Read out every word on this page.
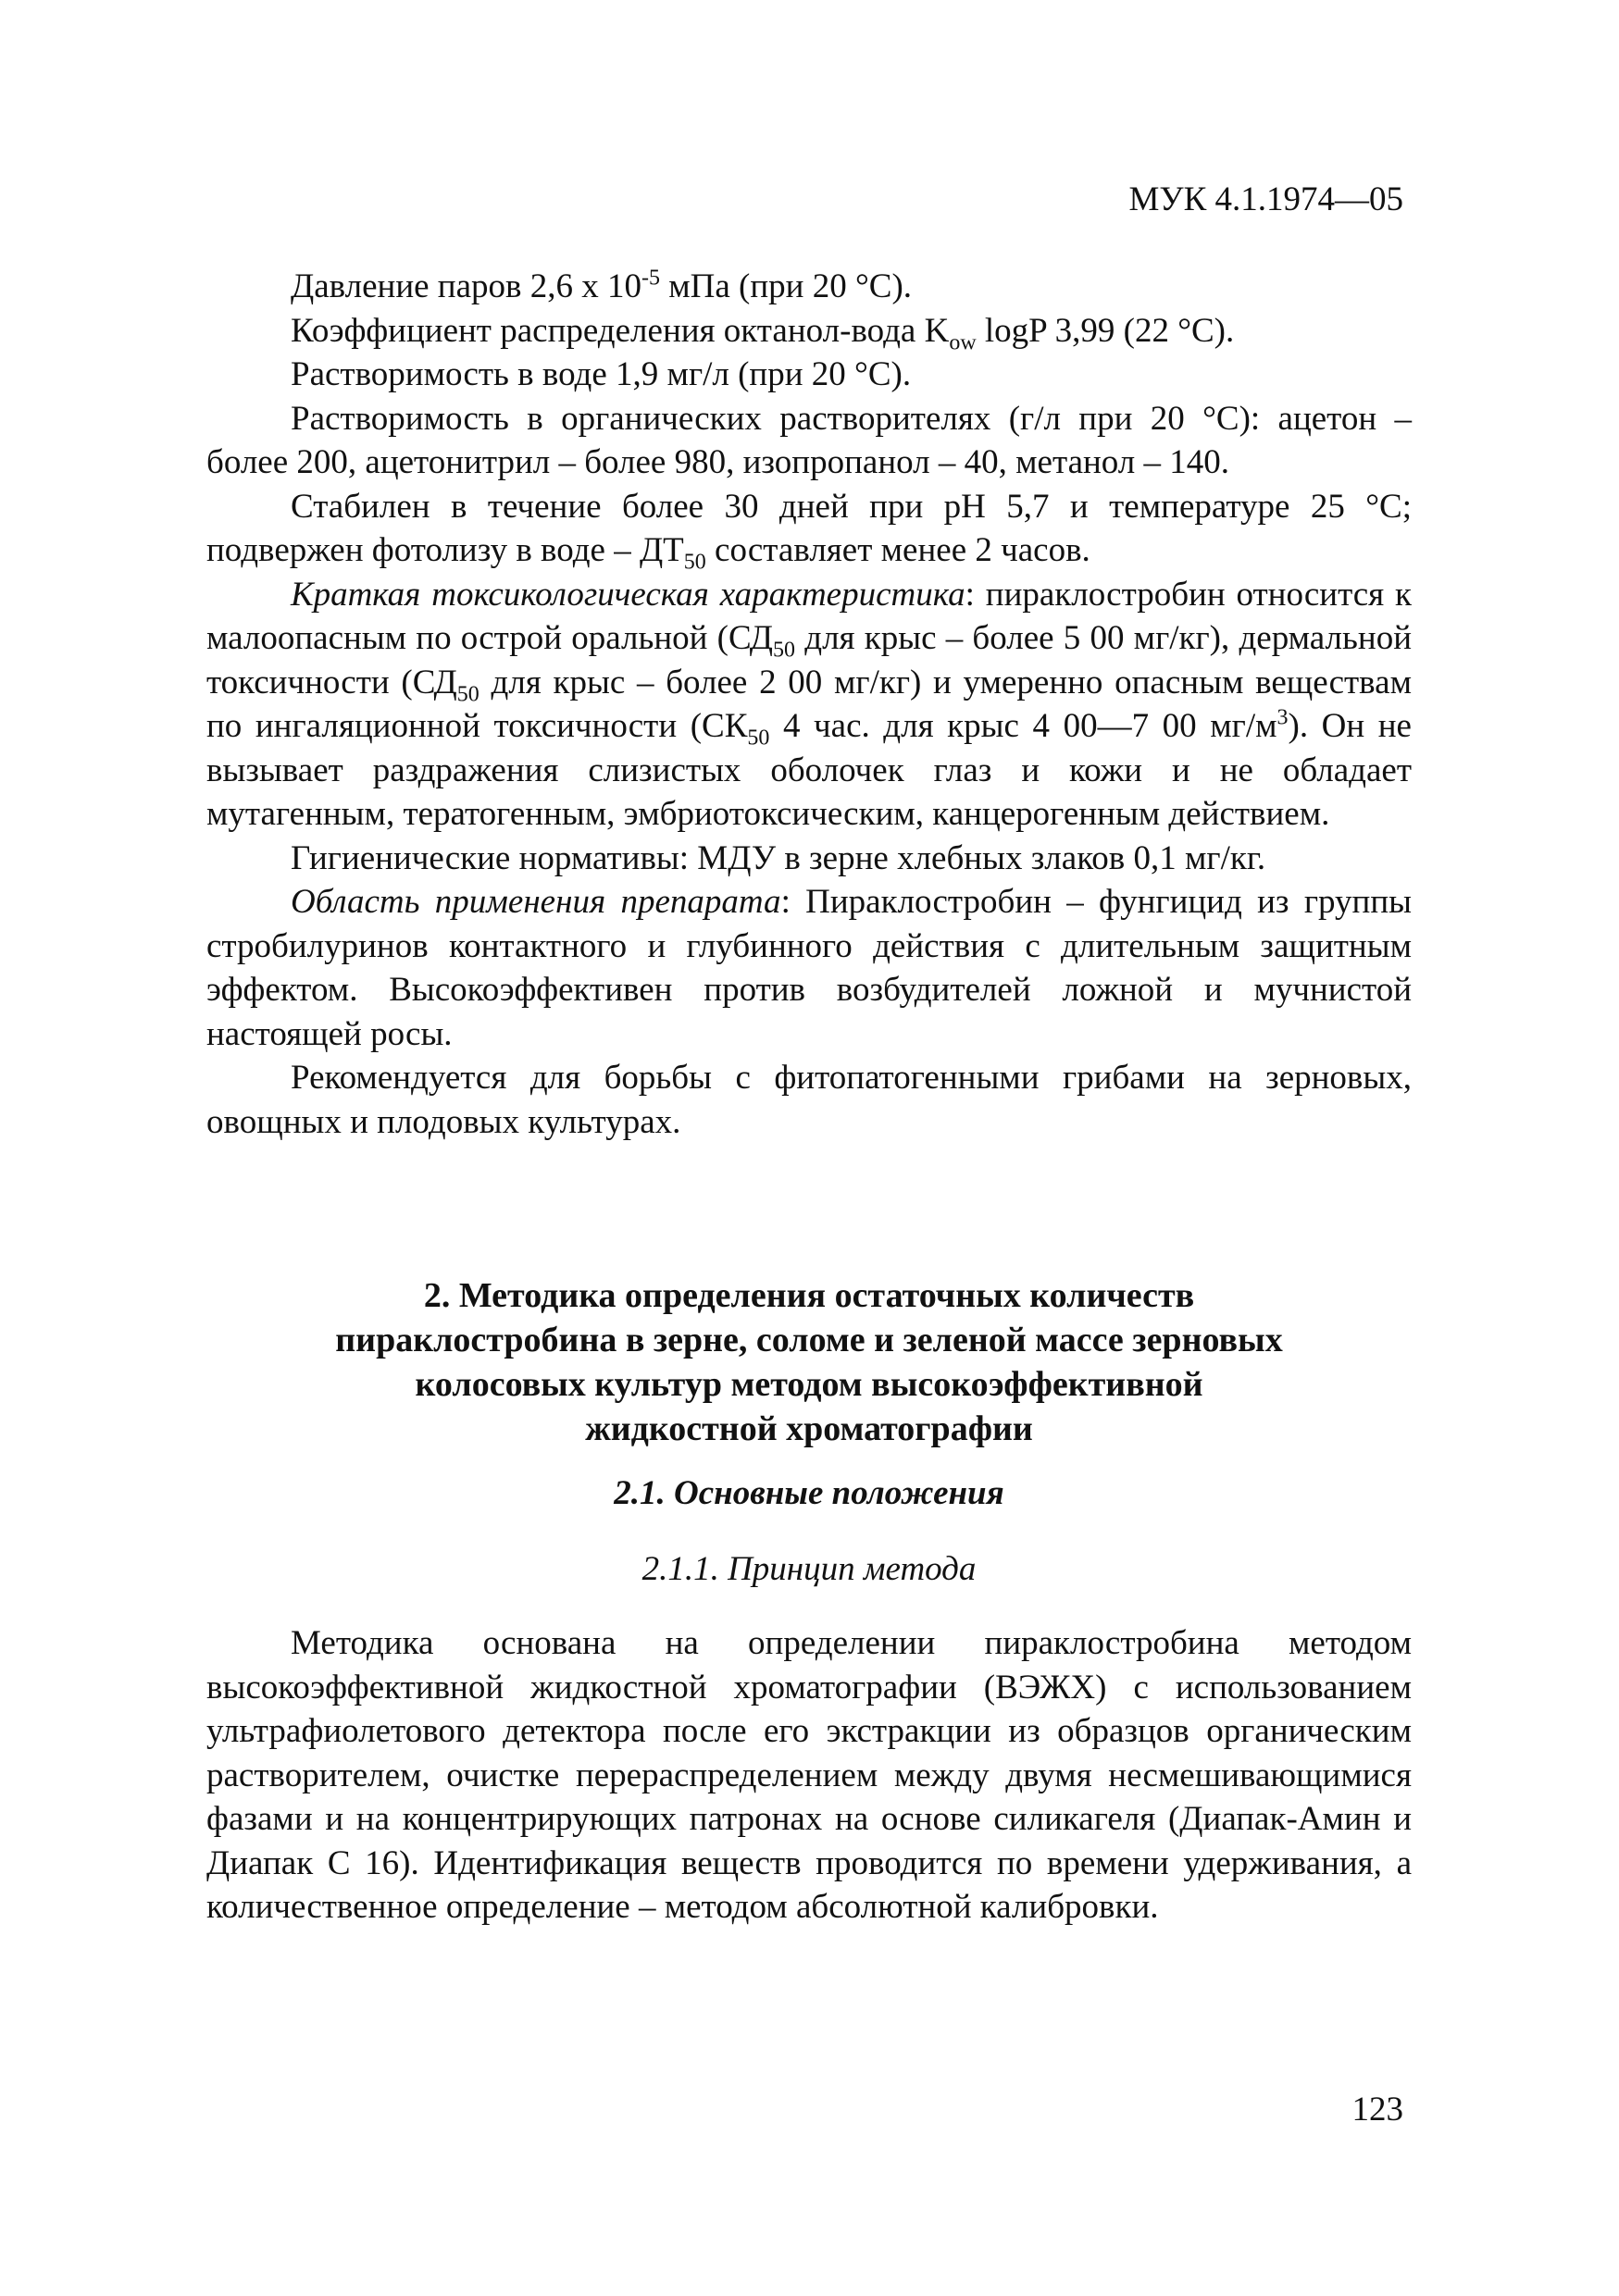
МУК 4.1.1974—05

Давление паров 2,6 х $10^{-5}$ мПа (при 20 °С).

Коэффициент распределения октанол-вода $K_{ow}$ logP 3,99 (22 °С).

Растворимость в воде 1,9 мг/л (при 20 °С).

Растворимость в органических растворителях (г/л при 20 °С): ацетон – более 200, ацетонитрил – более 980, изопропанол – 40, метанол – 140.

Стабилен в течение более 30 дней при pH 5,7 и температуре 25 °С; подвержен фотолизу в воде – $ДТ_{50}$ составляет менее 2 часов.

Краткая токсикологическая характеристика: пираклостробин относится к малоопасным по острой оральной ($СД_{50}$ для крыс – более 5 00 мг/кг), дермальной токсичности ($СД_{50}$ для крыс – более 2 00 мг/кг) и умеренно опасным веществам по ингаляционной токсичности ($СК_{50}$ 4 час. для крыс 4 00—7 00 $мг/м^3$). Он не вызывает раздражения слизистых оболочек глаз и кожи и не обладает мутагенным, тератогенным, эмбриотоксическим, канцерогенным действием.

Гигиенические нормативы: МДУ в зерне хлебных злаков 0,1 мг/кг.

Область применения препарата: Пираклостробин – фунгицид из группы стробилуринов контактного и глубинного действия с длительным защитным эффектом. Высокоэффективен против возбудителей ложной и мучнистой настоящей росы.

Рекомендуется для борьбы с фитопатогенными грибами на зерновых, овощных и плодовых культурах.

2. Методика определения остаточных количеств
пираклостробина в зерне, соломе и зеленой массе зерновых
колосовых культур методом высокоэффективной
жидкостной хроматографии
2.1. Основные положения
2.1.1. Принцип метода

Методика основана на определении пираклостробина методом высокоэффективной жидкостной хроматографии (ВЭЖХ) с использованием ультрафиолетового детектора после его экстракции из образцов органическим растворителем, очистке перераспределением между двумя несмешивающимися фазами и на концентрирующих патронах на основе силикагеля (Диапак-Амин и Диапак С 16). Идентификация веществ проводится по времени удерживания, а количественное определение – методом абсолютной калибровки.

123
